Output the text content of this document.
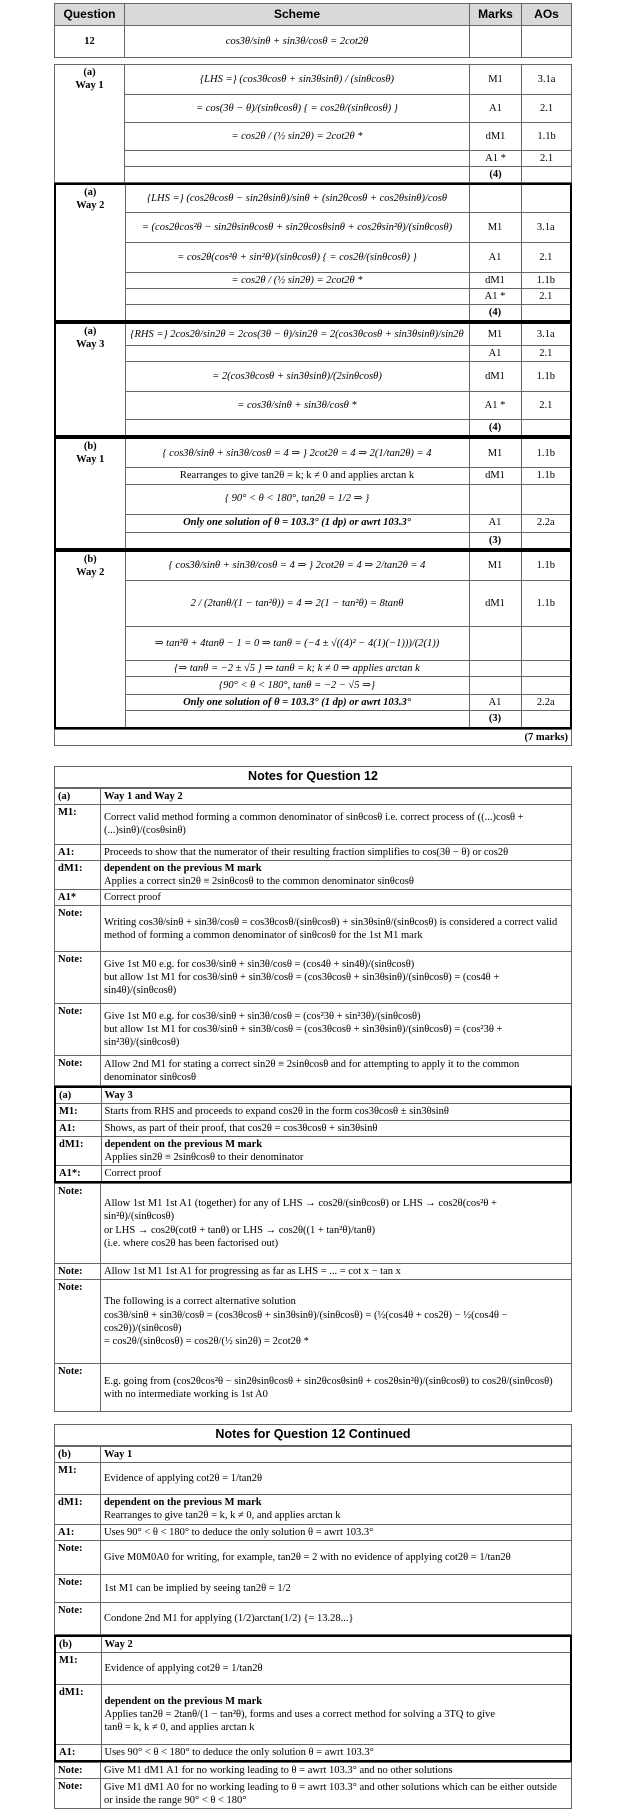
Question	Scheme	Marks	AOs
12	cos3θ/sinθ + sin3θ/cosθ = 2cot2θ		
(a)
Way 1	{LHS =} (cos3θcosθ + sin3θsinθ) / (sinθcosθ)	M1	3.1a
	= cos(3θ − θ)/(sinθcosθ) { = cos2θ/(sinθcosθ) }	A1	2.1
	= cos2θ / (½ sin2θ) = 2cot2θ *	dM1	1.1b
		A1 *	2.1
		(4)	
(a)
Way 2	{LHS =} (cos2θcosθ − sin2θsinθ)/sinθ + (sin2θcosθ + cos2θsinθ)/cosθ		
	= (cos2θcos²θ − sin2θsinθcosθ + sin2θcosθsinθ + cos2θsin²θ)/(sinθcosθ)	M1	3.1a
	= cos2θ(cos²θ + sin²θ)/(sinθcosθ) { = cos2θ/(sinθcosθ) }	A1	2.1
	= cos2θ / (½ sin2θ) = 2cot2θ *	dM1	1.1b
		A1 *	2.1
		(4)	
(a)
Way 3	{RHS =} 2cos2θ/sin2θ = 2cos(3θ − θ)/sin2θ = 2(cos3θcosθ + sin3θsinθ)/sin2θ	M1	3.1a
		A1	2.1
	= 2(cos3θcosθ + sin3θsinθ)/(2sinθcosθ)	dM1	1.1b
	= cos3θ/sinθ + sin3θ/cosθ *	A1 *	2.1
		(4)	
(b)
Way 1	{ cos3θ/sinθ + sin3θ/cosθ = 4 ⇒ } 2cot2θ = 4 ⇒ 2(1/tan2θ) = 4	M1	1.1b
	Rearranges to give tan2θ = k; k ≠ 0 and applies arctan k	dM1	1.1b
	{ 90° < θ < 180°, tan2θ = 1/2 ⇒ }		
	Only one solution of θ = 103.3° (1 dp) or awrt 103.3°	A1	2.2a
		(3)	
(b)
Way 2	{ cos3θ/sinθ + sin3θ/cosθ = 4 ⇒ } 2cot2θ = 4 ⇒ 2/tan2θ = 4	M1	1.1b
	2 / (2tanθ/(1 − tan²θ)) = 4 ⇒ 2(1 − tan²θ) = 8tanθ	dM1	1.1b
	⇒ tan²θ + 4tanθ − 1 = 0 ⇒ tanθ = (−4 ± √((4)² − 4(1)(−1)))/(2(1))		
	{⇒ tanθ = −2 ± √5 } ⇒ tanθ = k; k ≠ 0 ⇒ applies arctan k		
	{90° < θ < 180°, tanθ = −2 − √5 ⇒}		
	Only one solution of θ = 103.3° (1 dp) or awrt 103.3°	A1	2.2a
		(3)	
(7 marks)
Notes for Question 12
(a)	Way 1 and Way 2

M1:	Correct valid method forming a common denominator of sinθcosθ i.e. correct process of ((...)cosθ + (...)sinθ)/(cosθsinθ)

A1:	Proceeds to show that the numerator of their resulting fraction simplifies to cos(3θ − θ) or cos2θ

dM1:	dependent on the previous M mark
Applies a correct sin2θ ≡ 2sinθcosθ to the common denominator sinθcosθ

A1*	Correct proof

Note:	Writing cos3θ/sinθ + sin3θ/cosθ = cos3θcosθ/(sinθcosθ) + sin3θsinθ/(sinθcosθ) is considered a correct valid method of forming a common denominator of sinθcosθ for the 1st M1 mark

Note:	Give 1st M0 e.g. for cos3θ/sinθ + sin3θ/cosθ = (cos4θ + sin4θ)/(sinθcosθ)
but allow 1st M1 for cos3θ/sinθ + sin3θ/cosθ = (cos3θcosθ + sin3θsinθ)/(sinθcosθ) = (cos4θ + sin4θ)/(sinθcosθ)

Note:	Give 1st M0 e.g. for cos3θ/sinθ + sin3θ/cosθ = (cos²3θ + sin²3θ)/(sinθcosθ)
but allow 1st M1 for cos3θ/sinθ + sin3θ/cosθ = (cos3θcosθ + sin3θsinθ)/(sinθcosθ) = (cos²3θ + sin²3θ)/(sinθcosθ)

Note:	Allow 2nd M1 for stating a correct sin2θ ≡ 2sinθcosθ and for attempting to apply it to the common denominator sinθcosθ
(a)	Way 3

M1:	Starts from RHS and proceeds to expand cos2θ in the form cos3θcosθ ± sin3θsinθ

A1:	Shows, as part of their proof, that cos2θ = cos3θcosθ + sin3θsinθ

dM1:	dependent on the previous M mark
Applies sin2θ ≡ 2sinθcosθ to their denominator

A1*:	Correct proof
Note:	Allow 1st M1 1st A1 (together) for any of LHS → cos2θ/(sinθcosθ) or LHS → cos2θ(cos²θ + sin²θ)/(sinθcosθ)
or LHS → cos2θ(cotθ + tanθ) or LHS → cos2θ((1 + tan²θ)/tanθ)
(i.e. where cos2θ has been factorised out)

Note:	Allow 1st M1 1st A1 for progressing as far as LHS = ... = cot x − tan x

Note:	The following is a correct alternative solution
cos3θ/sinθ + sin3θ/cosθ = (cos3θcosθ + sin3θsinθ)/(sinθcosθ) = (½(cos4θ + cos2θ) − ½(cos4θ − cos2θ))/(sinθcosθ)
= cos2θ/(sinθcosθ) = cos2θ/(½ sin2θ) = 2cot2θ *

Note:	E.g. going from (cos2θcos²θ − sin2θsinθcosθ + sin2θcosθsinθ + cos2θsin²θ)/(sinθcosθ) to cos2θ/(sinθcosθ)
with no intermediate working is 1st A0
Notes for Question 12 Continued
(b)	Way 1

M1:	Evidence of applying cot2θ = 1/tan2θ

dM1:	dependent on the previous M mark
Rearranges to give tan2θ = k, k ≠ 0, and applies arctan k

A1:	Uses 90° < θ < 180° to deduce the only solution θ = awrt 103.3°

Note:	Give M0M0A0 for writing, for example, tan2θ = 2 with no evidence of applying cot2θ = 1/tan2θ

Note:	1st M1 can be implied by seeing tan2θ = 1/2

Note:	Condone 2nd M1 for applying (1/2)arctan(1/2) {= 13.28...}
(b)	Way 2

M1:	Evidence of applying cot2θ = 1/tan2θ

dM1:	dependent on the previous M mark
Applies tan2θ = 2tanθ/(1 − tan²θ), forms and uses a correct method for solving a 3TQ to give
tanθ = k, k ≠ 0, and applies arctan k

A1:	Uses 90° < θ < 180° to deduce the only solution θ = awrt 103.3°
Note:	Give M1 dM1 A1 for no working leading to θ = awrt 103.3° and no other solutions

Note:	Give M1 dM1 A0 for no working leading to θ = awrt 103.3° and other solutions which can be either outside or inside the range 90° < θ < 180°
